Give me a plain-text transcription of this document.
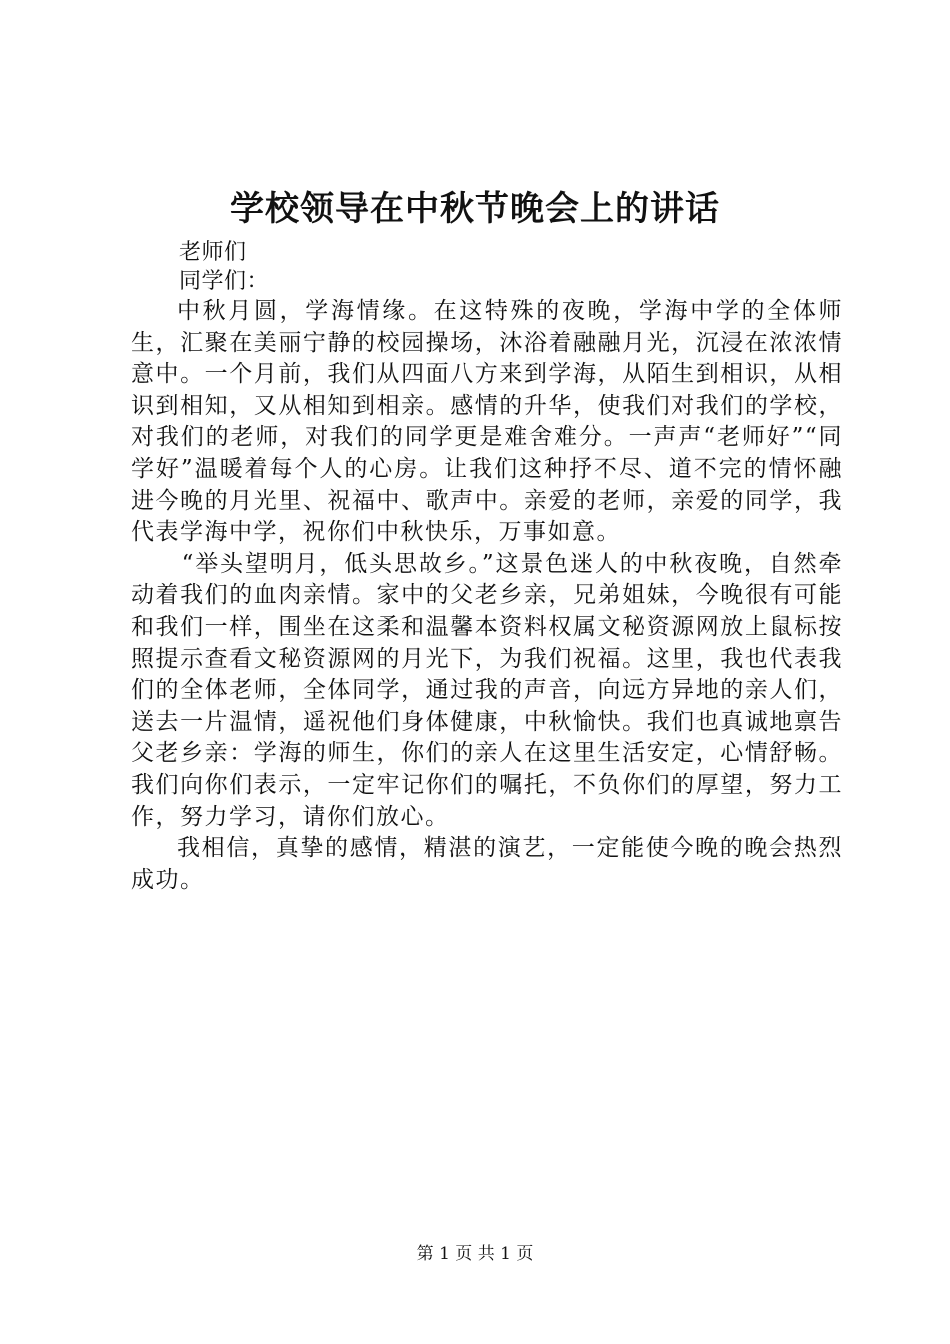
学校领导在中秋节晚会上的讲话

老师们

同学们：

中秋月圆，学海情缘。在这特殊的夜晚，学海中学的全体师生，汇聚在美丽宁静的校园操场，沐浴着融融月光，沉浸在浓浓情意中。一个月前，我们从四面八方来到学海，从陌生到相识，从相识到相知，又从相知到相亲。感情的升华，使我们对我们的学校，对我们的老师，对我们的同学更是难舍难分。一声声“老师好”“同学好”温暖着每个人的心房。让我们这种抒不尽、道不完的情怀融进今晚的月光里、祝福中、歌声中。亲爱的老师，亲爱的同学，我代表学海中学，祝你们中秋快乐，万事如意。

“举头望明月，低头思故乡。”这景色迷人的中秋夜晚，自然牵动着我们的血肉亲情。家中的父老乡亲，兄弟姐妹，今晚很有可能和我们一样，围坐在这柔和温馨本资料权属文秘资源网放上鼠标按照提示查看文秘资源网的月光下，为我们祝福。这里，我也代表我们的全体老师，全体同学，通过我的声音，向远方异地的亲人们，送去一片温情，遥祝他们身体健康，中秋愉快。我们也真诚地禀告父老乡亲：学海的师生，你们的亲人在这里生活安定，心情舒畅。我们向你们表示，一定牢记你们的嘱托，不负你们的厚望，努力工作，努力学习，请你们放心。

我相信，真挚的感情，精湛的演艺，一定能使今晚的晚会热烈成功。

第 1 页 共 1 页
